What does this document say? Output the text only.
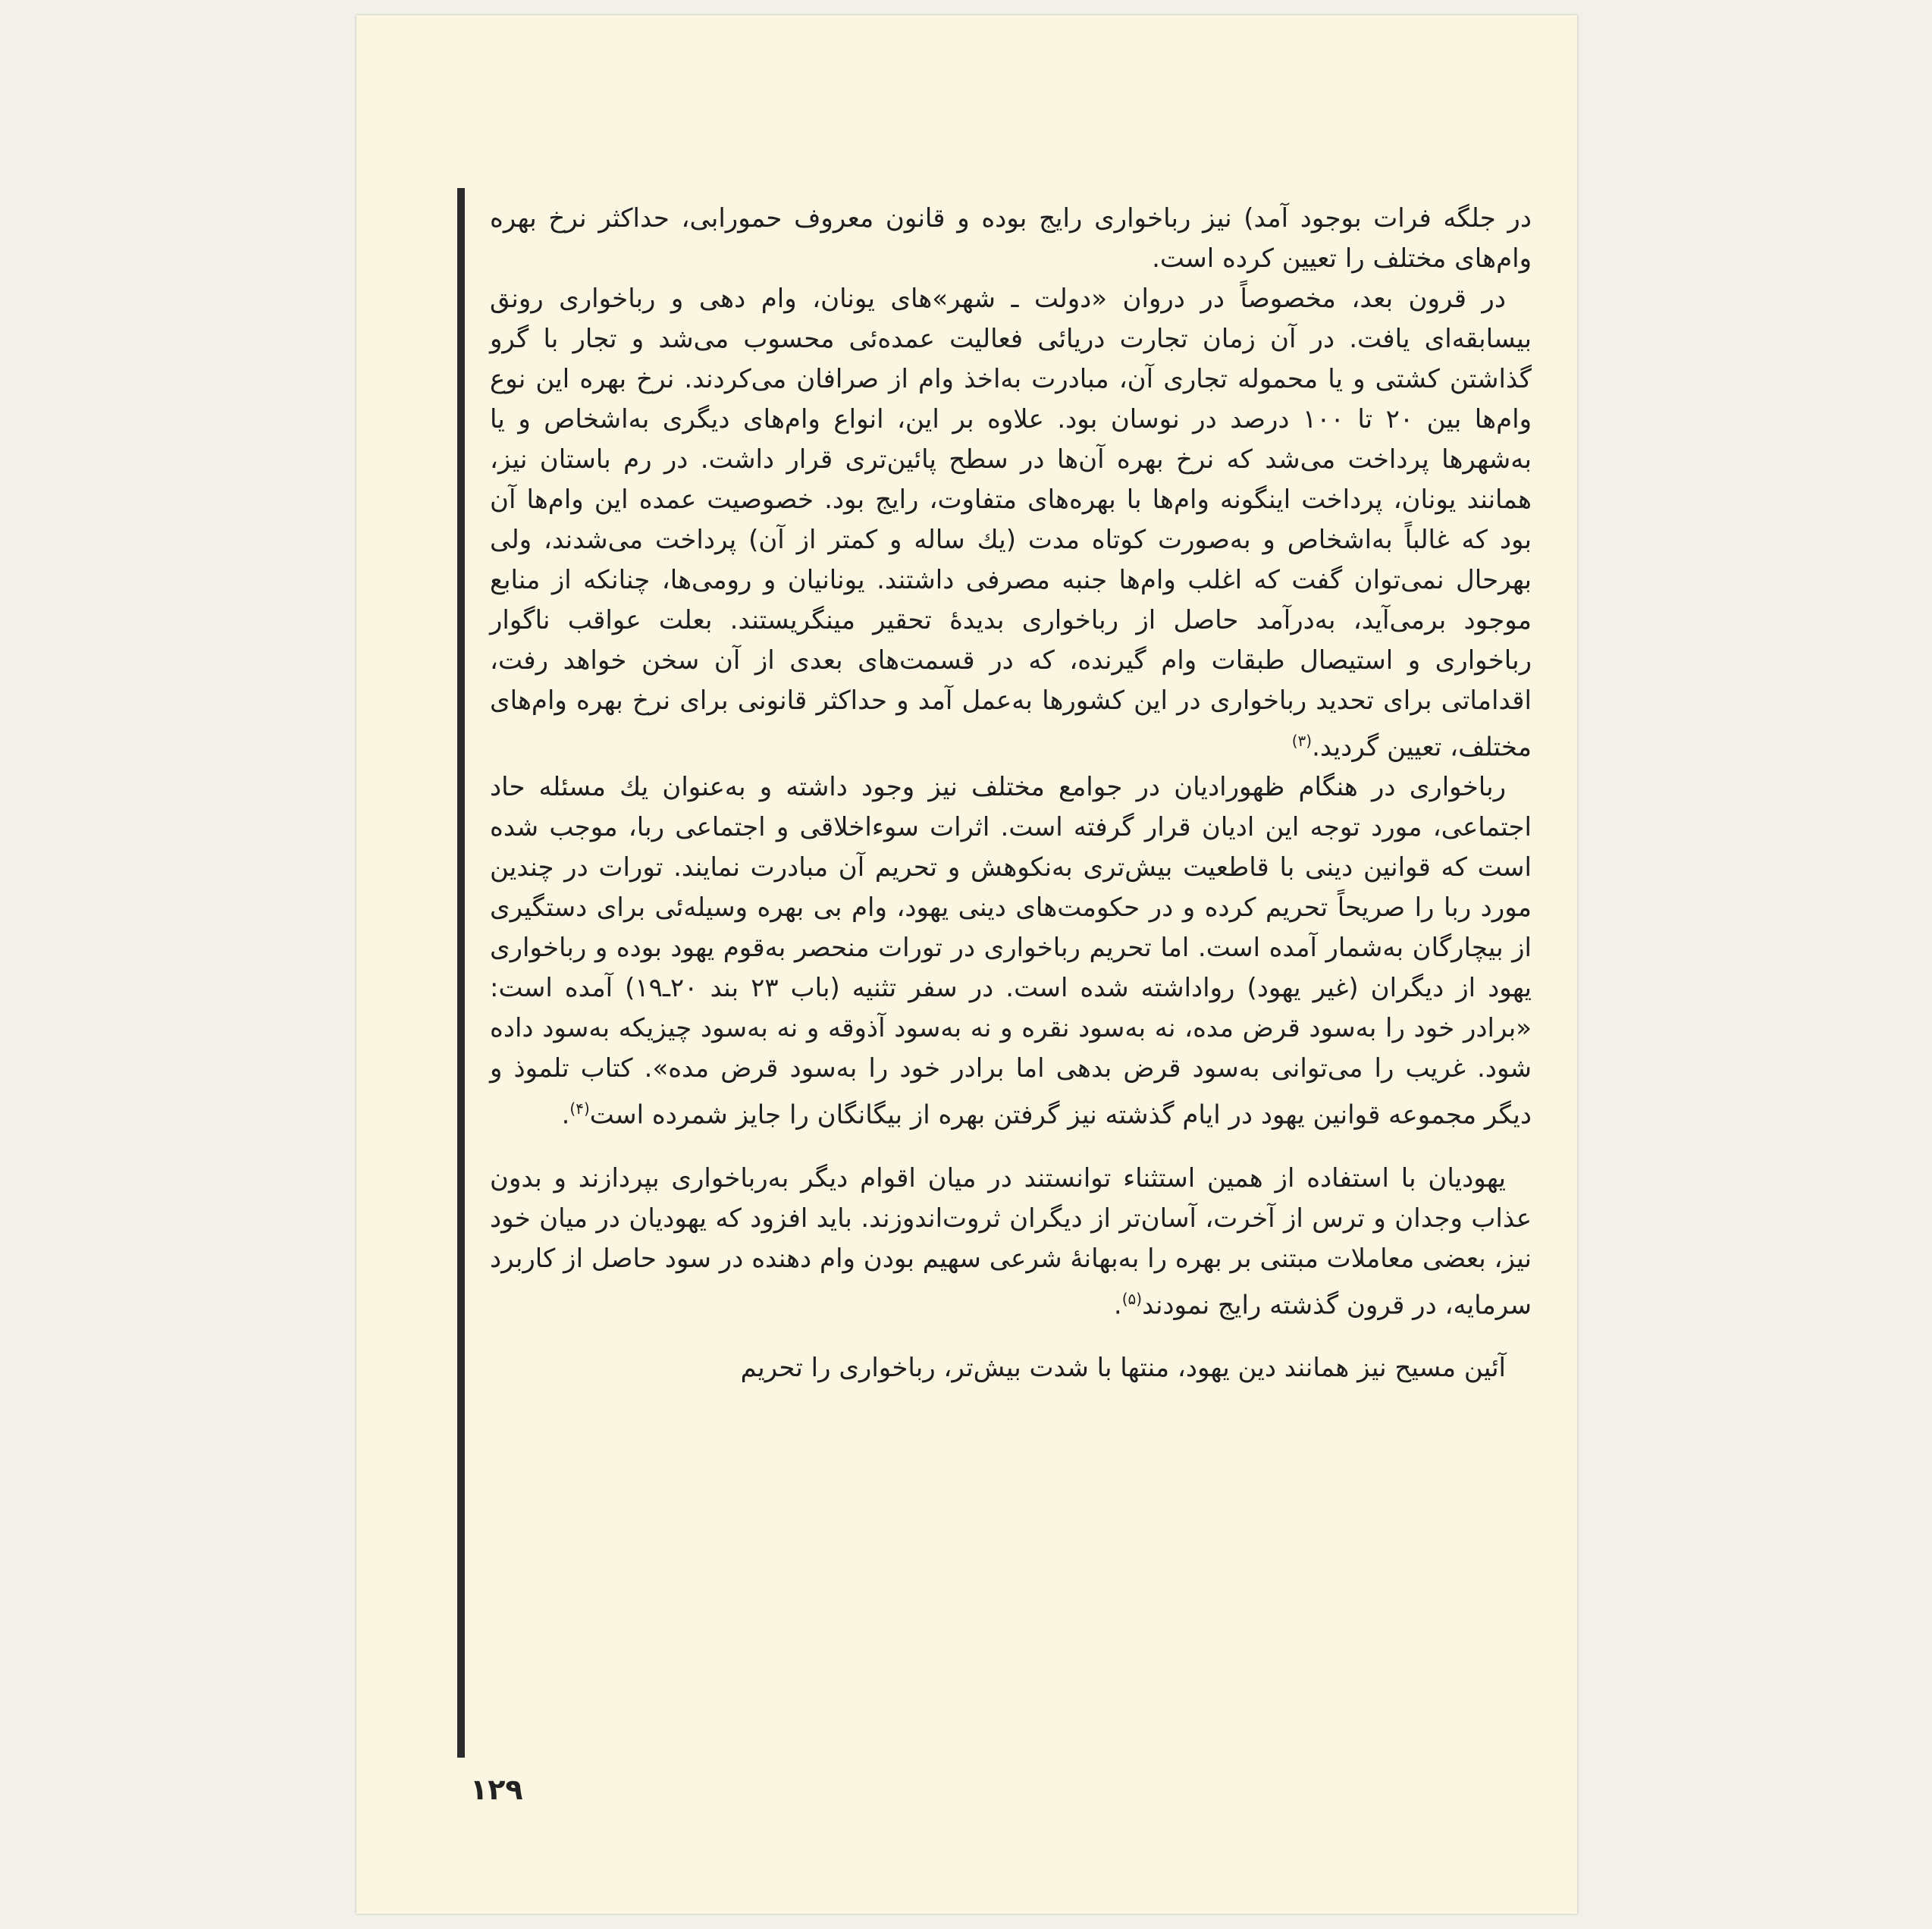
در جلگه فرات بوجود آمد) نیز رباخواری رایج بوده و قانون معروف حمورابی، حداکثر نرخ بهره وام‌های مختلف را تعیین کرده است.

در قرون بعد، مخصوصاً در دروان «دولت ـ شهر»های یونان، وام دهی و رباخواری رونق بیسابقه‌ای یافت. در آن زمان تجارت دریائی فعالیت عمده‌ئی محسوب می‌شد و تجار با گرو گذاشتن کشتی و یا محموله تجاری آن، مبادرت به‌اخذ وام از صرافان می‌کردند. نرخ بهره این نوع وام‌ها بین ۲۰ تا ۱۰۰ درصد در نوسان بود. علاوه بر این، انواع وام‌های دیگری به‌اشخاص و یا به‌شهرها پرداخت می‌شد که نرخ بهره آن‌ها در سطح پائین‌تری قرار داشت. در رم باستان نیز، همانند یونان، پرداخت اینگونه وام‌ها با بهره‌های متفاوت، رایج بود. خصوصیت عمده این وام‌ها آن بود که غالباً به‌اشخاص و به‌صورت کوتاه مدت (یك ساله و کمتر از آن) پرداخت می‌شدند، ولی بهرحال نمی‌توان گفت که اغلب وام‌ها جنبه مصرفی داشتند. یونانیان و رومی‌ها، چنانکه از منابع موجود برمی‌آید، به‌درآمد حاصل از رباخواری بدیدهٔ تحقیر مینگریستند. بعلت عواقب ناگوار رباخواری و استیصال طبقات وام گیرنده، که در قسمت‌های بعدی از آن سخن خواهد رفت، اقداماتی برای تحدید رباخواری در این کشورها به‌عمل آمد و حداکثر قانونی برای نرخ بهره وام‌های مختلف، تعیین گردید.$^{(۳)}$

رباخواری در هنگام ظهورادیان در جوامع مختلف نیز وجود داشته و به‌عنوان یك مسئله حاد اجتماعی، مورد توجه این ادیان قرار گرفته است. اثرات سوءاخلاقی و اجتماعی ربا، موجب شده است که قوانین دینی با قاطعیت بیش‌تری به‌نکوهش و تحریم آن مبادرت نمایند. تورات در چندین مورد ربا را صریحاً تحریم کرده و در حکومت‌های دینی یهود، وام بی بهره وسیله‌ئی برای دستگیری از بیچارگان به‌شمار آمده است. اما تحریم رباخواری در تورات منحصر به‌قوم یهود بوده و رباخواری یهود از دیگران (غیر یهود) رواداشته شده است. در سفر تثنیه (باب ۲۳ بند ۲۰ـ۱۹) آمده است: «برادر خود را به‌سود قرض مده، نه به‌سود نقره و نه به‌سود آذوقه و نه به‌سود چیزیکه به‌سود داده شود. غریب را می‌توانی به‌سود قرض بدهی اما برادر خود را به‌سود قرض مده». کتاب تلموذ و دیگر مجموعه قوانین یهود در ایام گذشته نیز گرفتن بهره از بیگانگان را جایز شمرده است$^{(۴)}$.

یهودیان با استفاده از همین استثناء توانستند در میان اقوام دیگر به‌رباخواری بپردازند و بدون عذاب وجدان و ترس از آخرت، آسان‌تر از دیگران ثروت‌اندوزند. باید افزود که یهودیان در میان خود نیز، بعضی معاملات مبتنی بر بهره را به‌بهانهٔ شرعی سهیم بودن وام دهنده در سود حاصل از کاربرد سرمایه، در قرون گذشته رایج نمودند$^{(۵)}$.

آئین مسیح نیز همانند دین یهود، منتها با شدت بیش‌تر، رباخواری را تحریم

۱۲۹
